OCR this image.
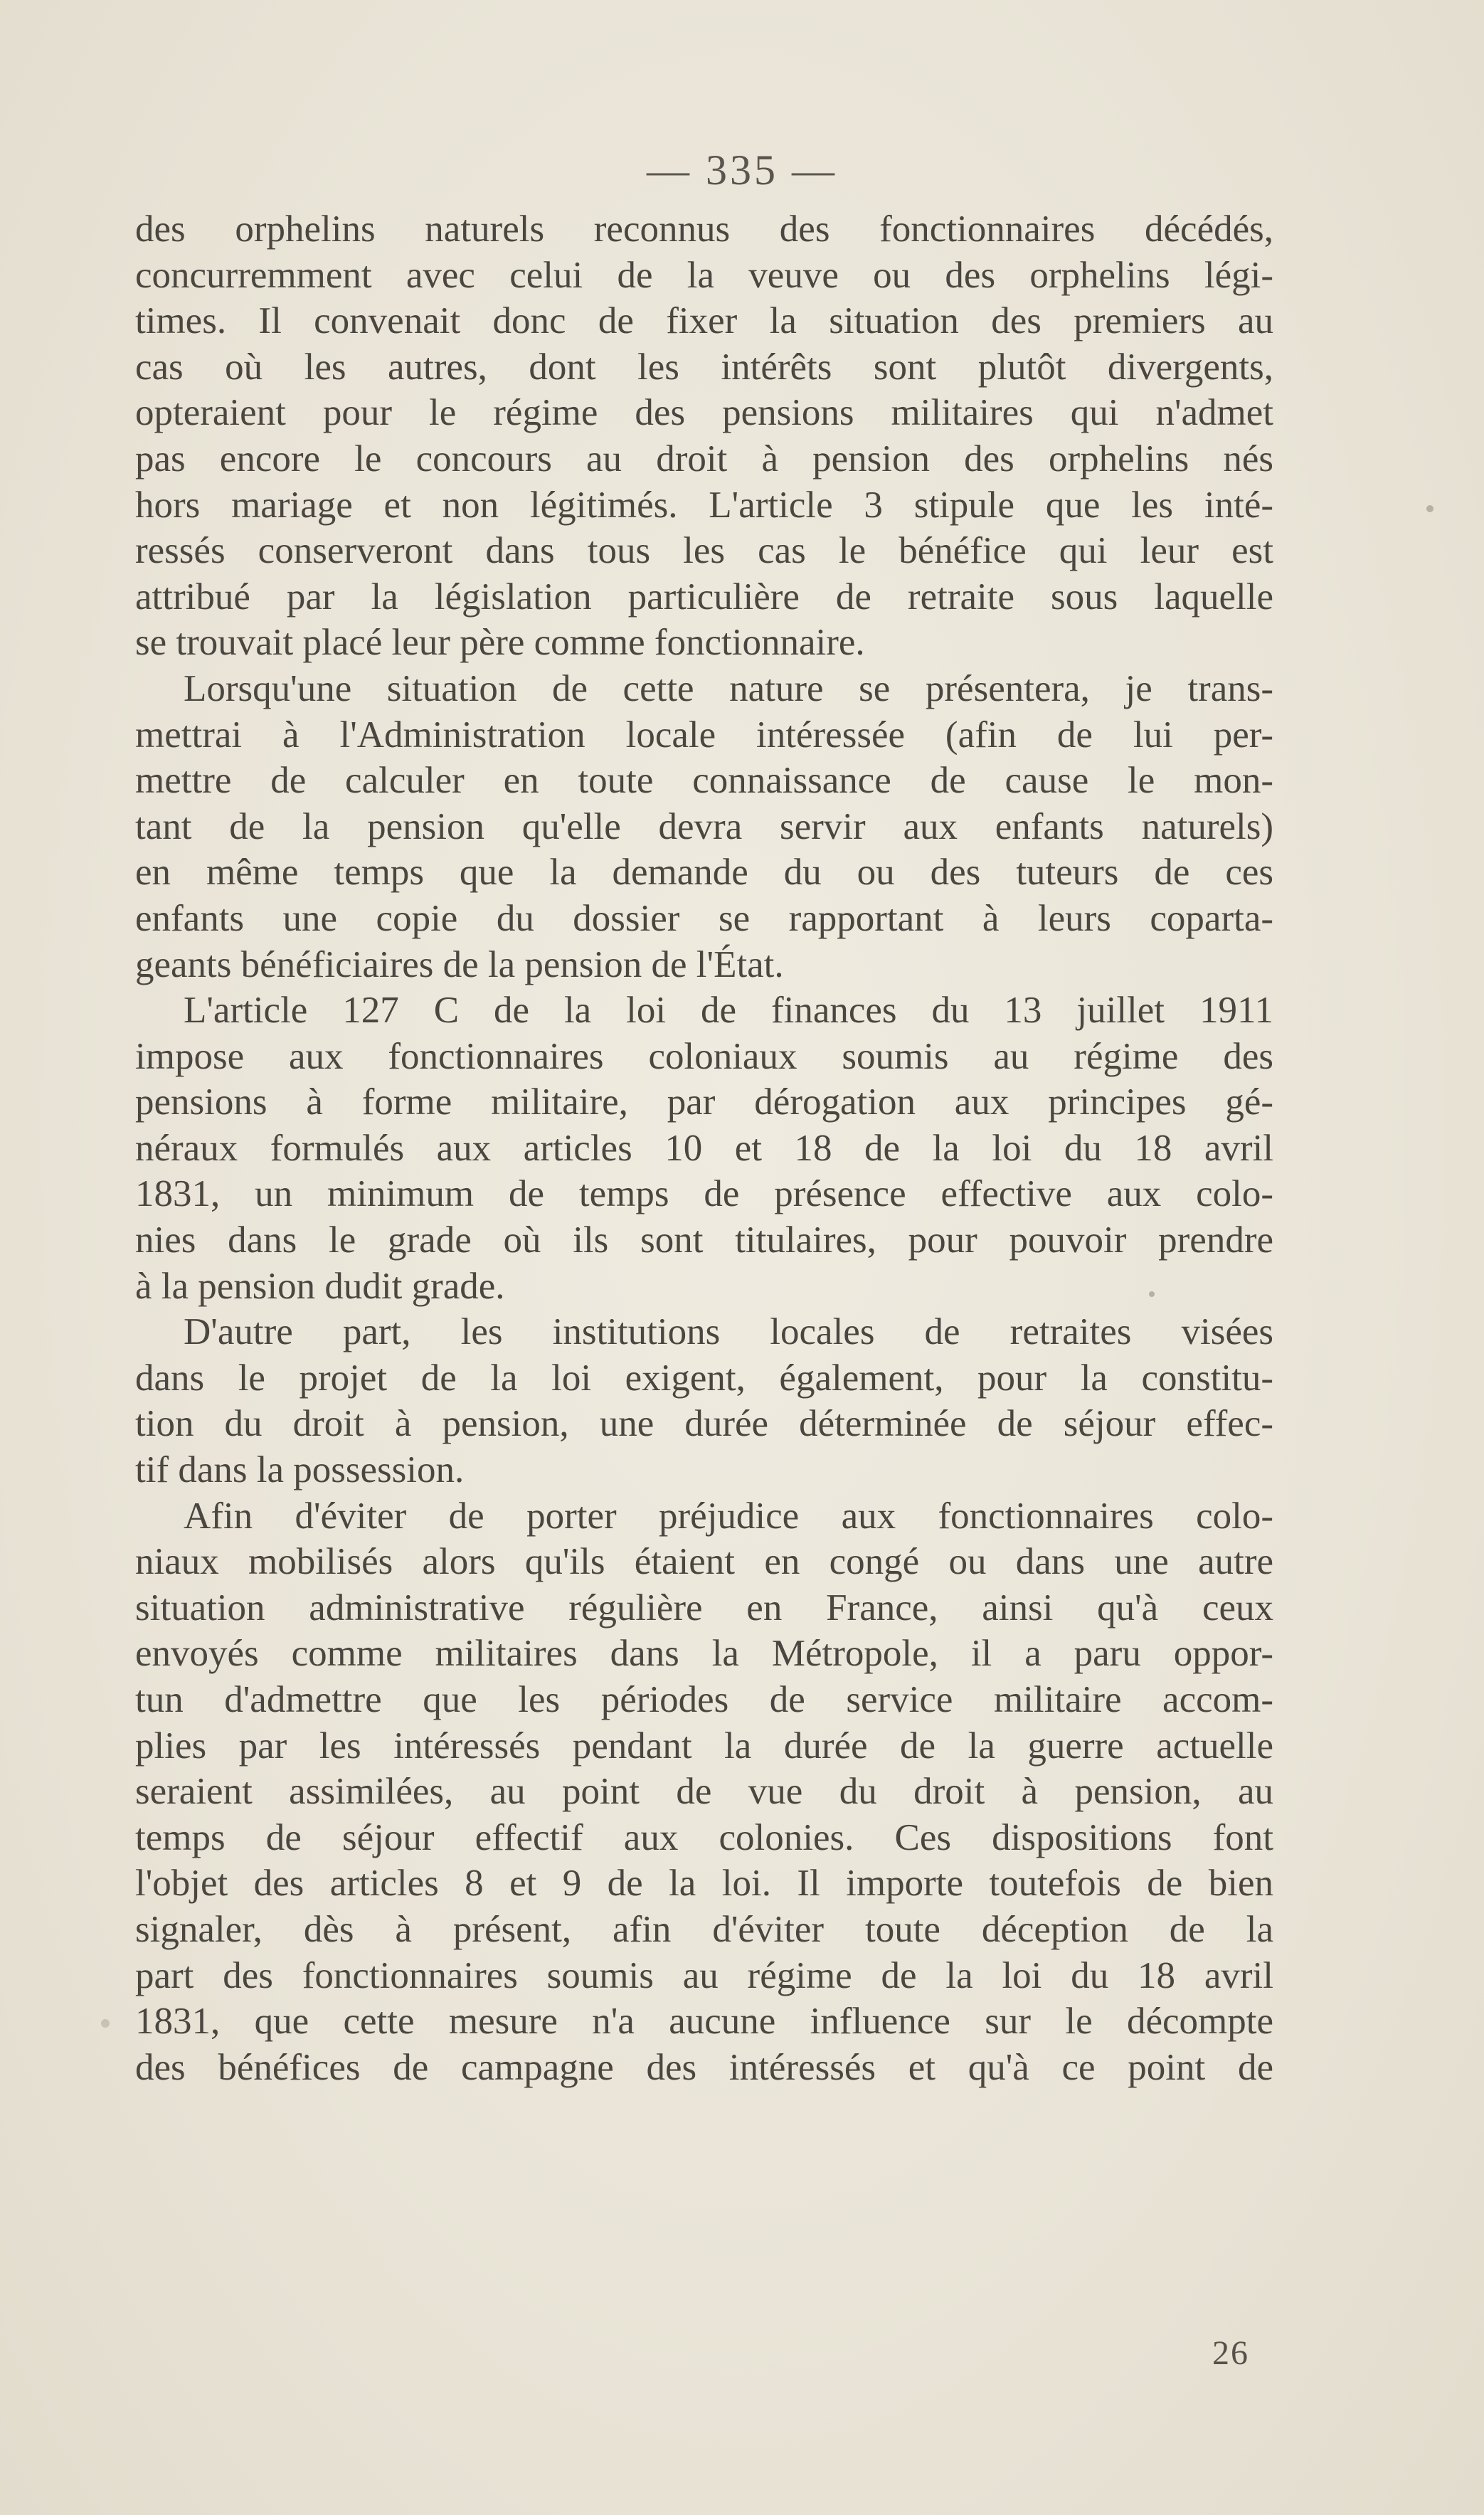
— 335 —
des orphelins naturels reconnus des fonctionnaires décédés,
concurremment avec celui de la veuve ou des orphelins légi-
times. Il convenait donc de fixer la situation des premiers au
cas où les autres, dont les intérêts sont plutôt divergents,
opteraient pour le régime des pensions militaires qui n'admet
pas encore le concours au droit à pension des orphelins nés
hors mariage et non légitimés. L'article 3 stipule que les inté-
ressés conserveront dans tous les cas le bénéfice qui leur est
attribué par la législation particulière de retraite sous laquelle
se trouvait placé leur père comme fonctionnaire.
Lorsqu'une situation de cette nature se présentera, je trans-
mettrai à l'Administration locale intéressée (afin de lui per-
mettre de calculer en toute connaissance de cause le mon-
tant de la pension qu'elle devra servir aux enfants naturels)
en même temps que la demande du ou des tuteurs de ces
enfants une copie du dossier se rapportant à leurs coparta-
geants bénéficiaires de la pension de l'État.
L'article 127 C de la loi de finances du 13 juillet 1911
impose aux fonctionnaires coloniaux soumis au régime des
pensions à forme militaire, par dérogation aux principes gé-
néraux formulés aux articles 10 et 18 de la loi du 18 avril
1831, un minimum de temps de présence effective aux colo-
nies dans le grade où ils sont titulaires, pour pouvoir prendre
à la pension dudit grade.
D'autre part, les institutions locales de retraites visées
dans le projet de la loi exigent, également, pour la constitu-
tion du droit à pension, une durée déterminée de séjour effec-
tif dans la possession.
Afin d'éviter de porter préjudice aux fonctionnaires colo-
niaux mobilisés alors qu'ils étaient en congé ou dans une autre
situation administrative régulière en France, ainsi qu'à ceux
envoyés comme militaires dans la Métropole, il a paru oppor-
tun d'admettre que les périodes de service militaire accom-
plies par les intéressés pendant la durée de la guerre actuelle
seraient assimilées, au point de vue du droit à pension, au
temps de séjour effectif aux colonies. Ces dispositions font
l'objet des articles 8 et 9 de la loi. Il importe toutefois de bien
signaler, dès à présent, afin d'éviter toute déception de la
part des fonctionnaires soumis au régime de la loi du 18 avril
1831, que cette mesure n'a aucune influence sur le décompte
des bénéfices de campagne des intéressés et qu'à ce point de
26
